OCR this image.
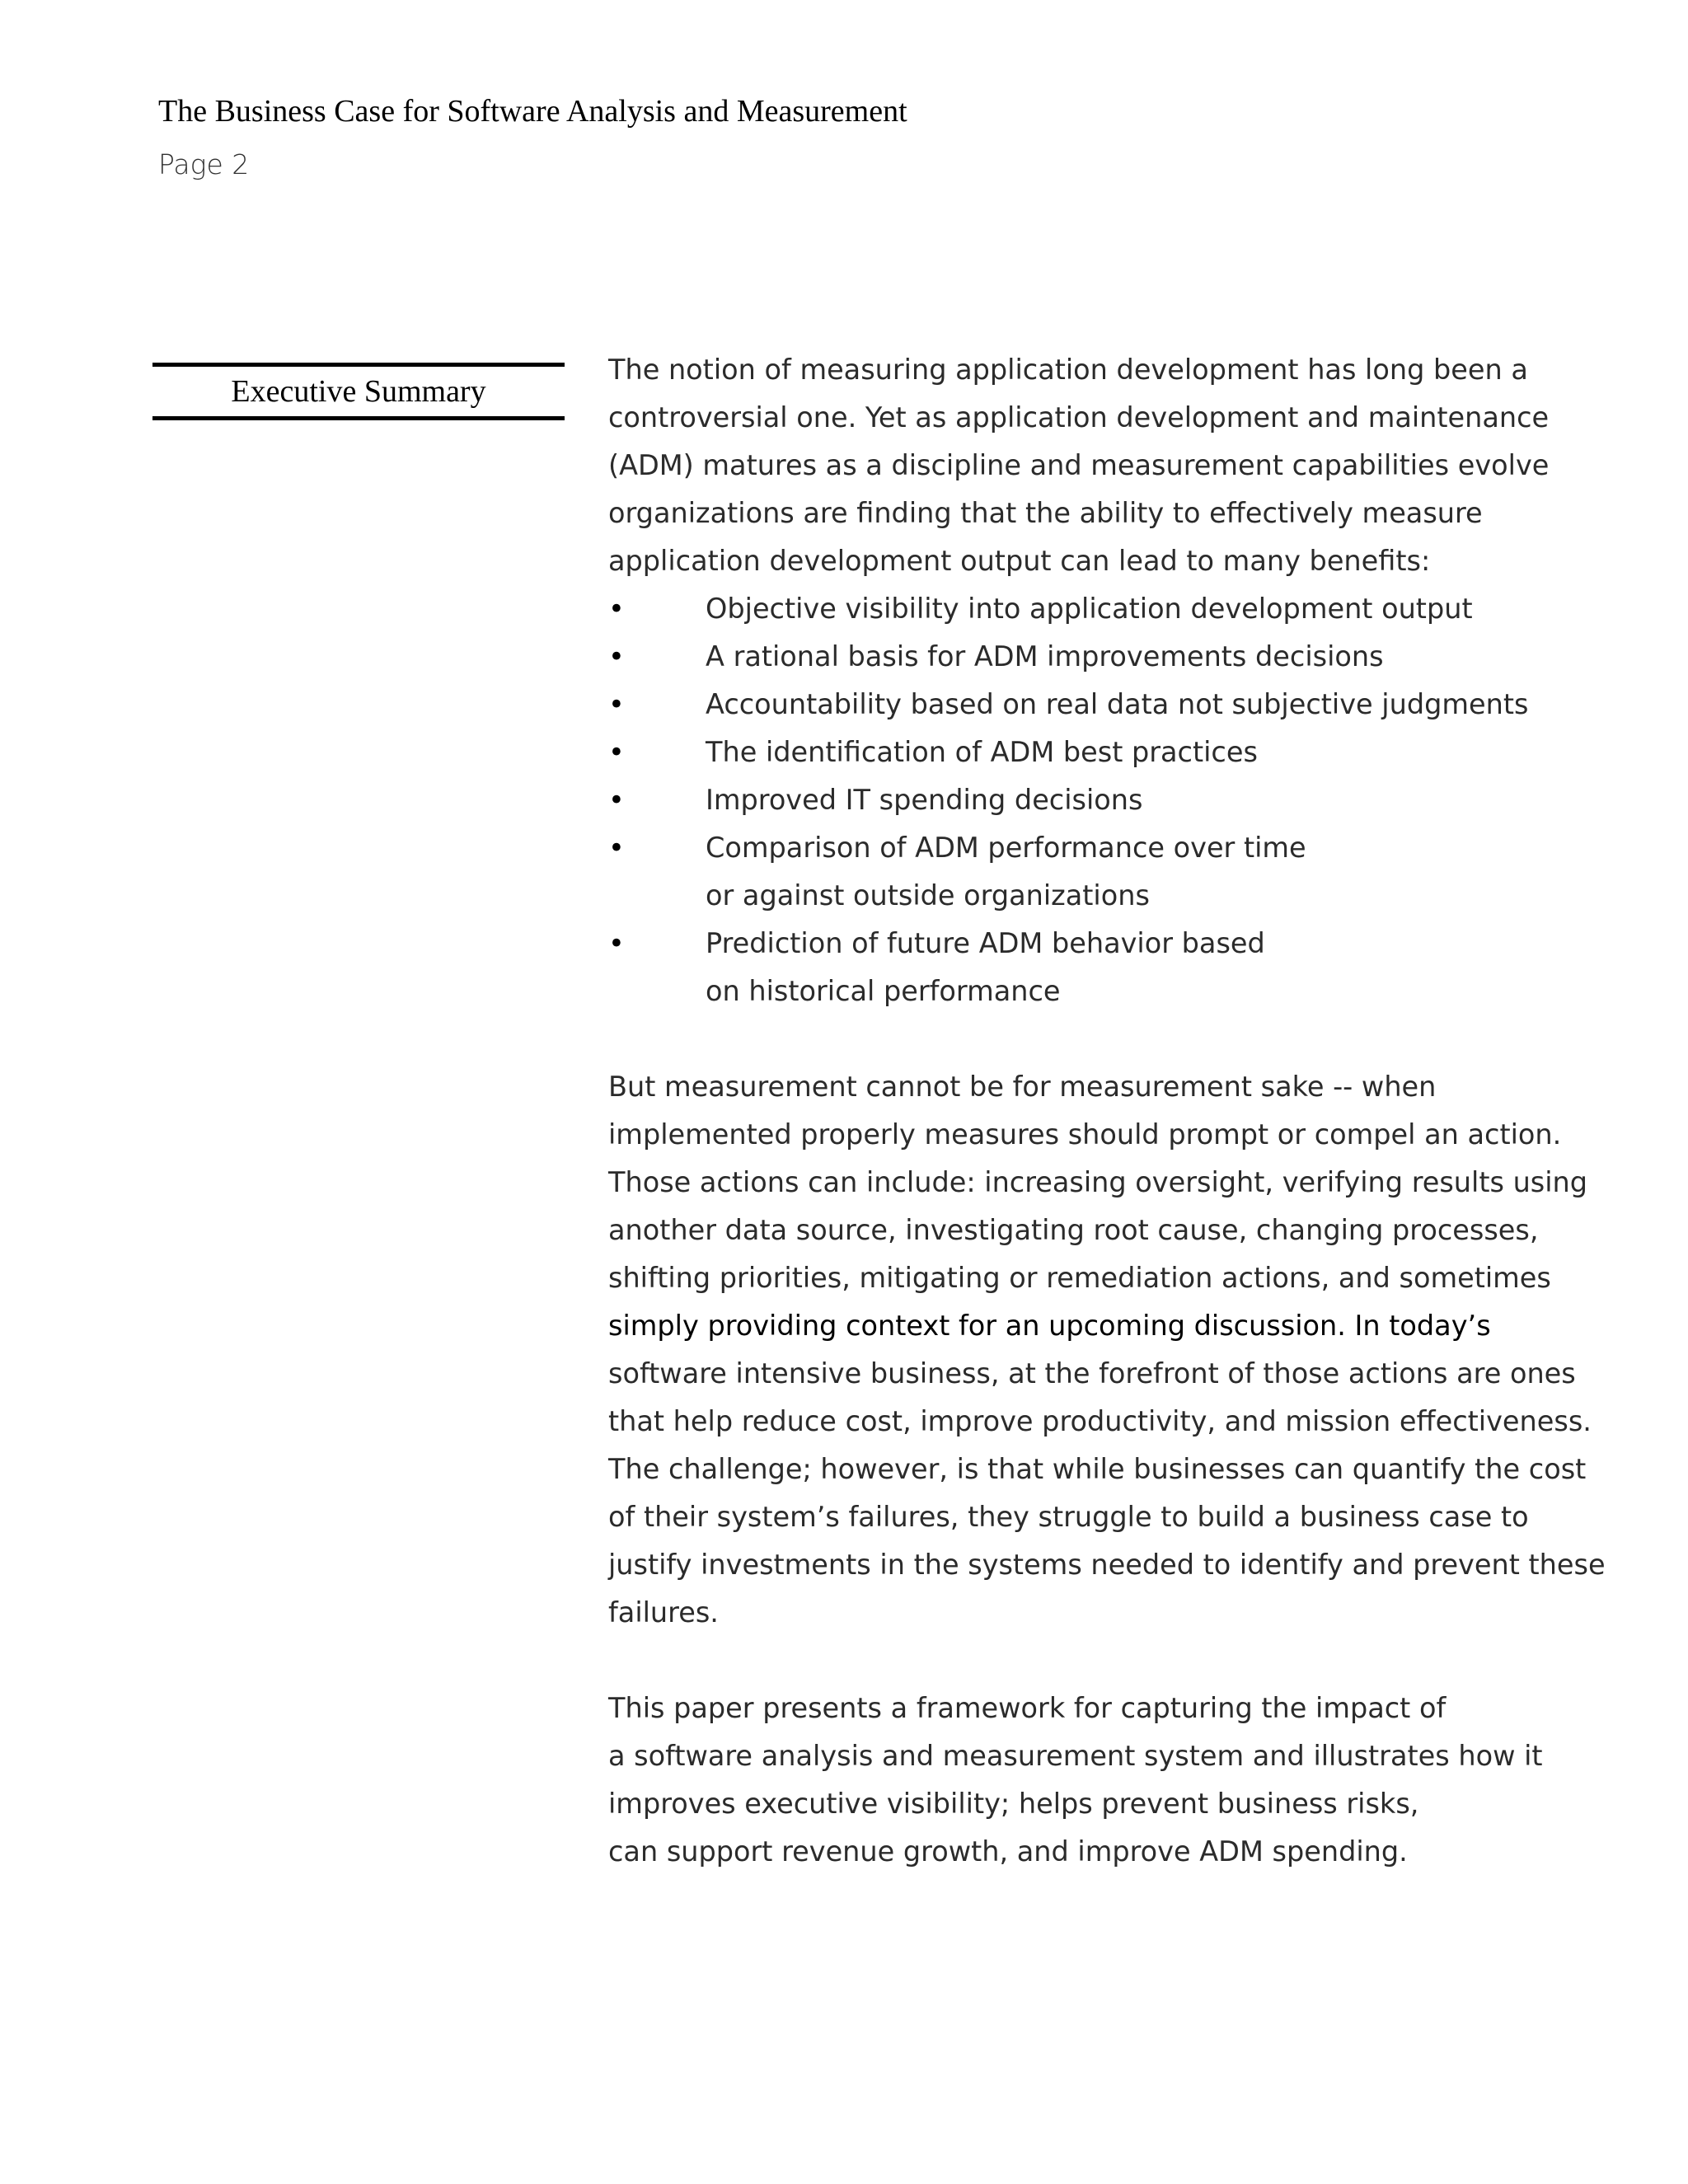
The Business Case for Software Analysis and Measurement
Page 2
Executive Summary

The notion of measuring application development has long been a

controversial one. Yet as application development and maintenance

(ADM) matures as a discipline and measurement capabilities evolve

organizations are finding that the ability to effectively measure

application development output can lead to many benefits:

•	Objective visibility into application development output
•	A rational basis for ADM improvements decisions
•	Accountability based on real data not subjective judgments
•	The identification of ADM best practices
•	Improved IT spending decisions
•	Comparison of ADM performance over time
or against outside organizations
•	Prediction of future ADM behavior based
on historical performance

But measurement cannot be for measurement sake -- when

implemented properly measures should prompt or compel an action.

Those actions can include: increasing oversight, verifying results using

another data source, investigating root cause, changing processes,

shifting priorities, mitigating or remediation actions, and sometimes

simply providing context for an upcoming discussion. In today’s

software intensive business, at the forefront of those actions are ones

that help reduce cost, improve productivity, and mission effectiveness.

The challenge; however, is that while businesses can quantify the cost

of their system’s failures, they struggle to build a business case to

justify investments in the systems needed to identify and prevent these

failures.

This paper presents a framework for capturing the impact of

a software analysis and measurement system and illustrates how it

improves executive visibility; helps prevent business risks,

can support revenue growth, and improve ADM spending.
